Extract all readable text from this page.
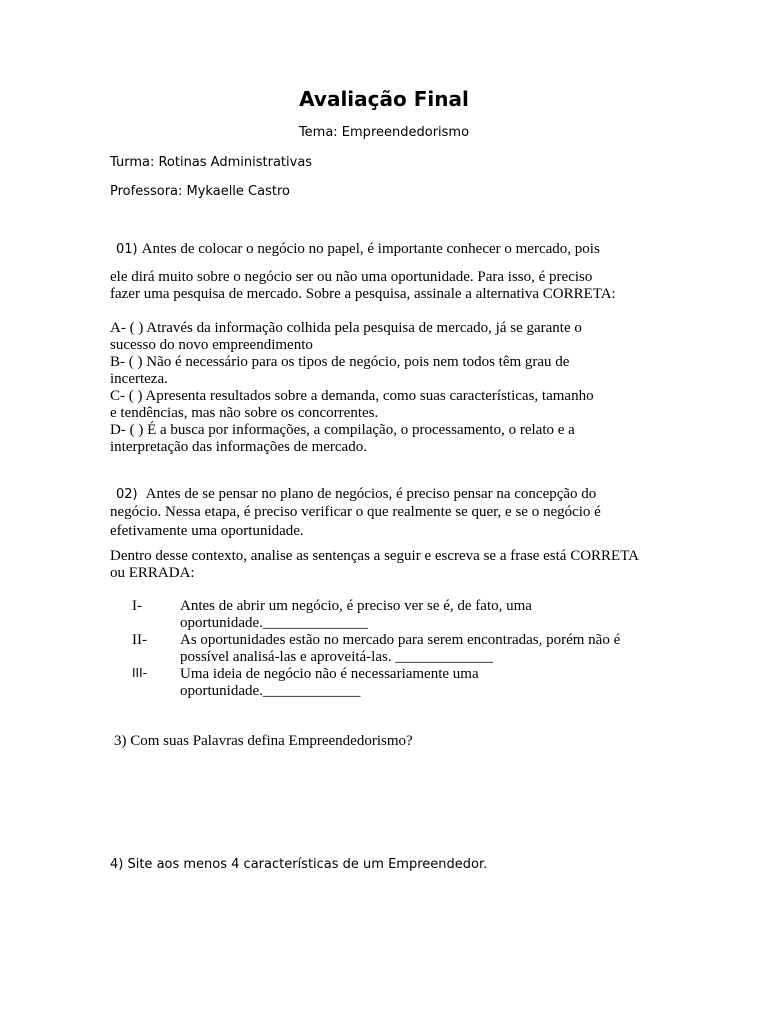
Avaliação Final
Tema: Empreendedorismo
Turma: Rotinas Administrativas
Professora: Mykaelle Castro
01) Antes de colocar o negócio no papel, é importante conhecer o mercado, pois
ele dirá muito sobre o negócio ser ou não uma oportunidade. Para isso, é preciso
fazer uma pesquisa de mercado. Sobre a pesquisa, assinale a alternativa CORRETA:
A- ( ) Através da informação colhida pela pesquisa de mercado, já se garante o
sucesso do novo empreendimento
B- ( ) Não é necessário para os tipos de negócio, pois nem todos têm grau de
incerteza.
C- ( ) Apresenta resultados sobre a demanda, como suas características, tamanho
e tendências, mas não sobre os concorrentes.
D- ( ) É a busca por informações, a compilação, o processamento, o relato e a
interpretação das informações de mercado.
02) Antes de se pensar no plano de negócios, é preciso pensar na concepção do
negócio. Nessa etapa, é preciso verificar o que realmente se quer, e se o negócio é
efetivamente uma oportunidade.
Dentro desse contexto, analise as sentenças a seguir e escreva se a frase está CORRETA
ou ERRADA:
I-	Antes de abrir um negócio, é preciso ver se é, de fato, uma
oportunidade.______________
II- As oportunidades estão no mercado para serem encontradas, porém não é
possível analisá-las e aproveitá-las. _____________
III- Uma ideia de negócio não é necessariamente uma
oportunidade._____________
3) Com suas Palavras defina Empreendedorismo?
4) Site aos menos 4 características de um Empreendedor.
